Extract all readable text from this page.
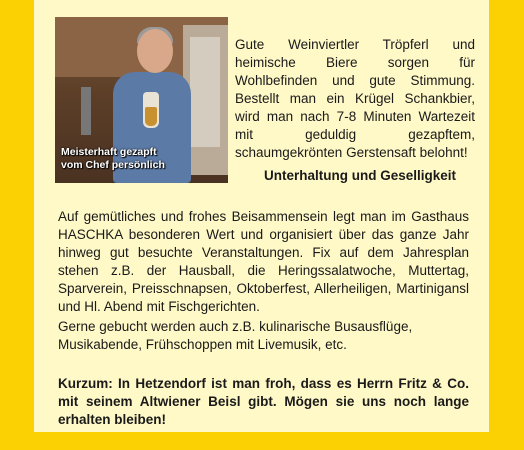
Meisterhaft gezapft
vom Chef persönlich
Gute Weinviertler Tröpferl und heimische Biere sorgen für Wohlbefinden und gute Stimmung. Bestellt man ein Krügel Schankbier, wird man nach 7-8 Minuten Wartezeit mit geduldig gezapftem, schaumgekrönten Gerstensaft belohnt!
Unterhaltung und Geselligkeit
Auf gemütliches und frohes Beisammensein legt man im Gasthaus HASCHKA besonderen Wert und organisiert über das ganze Jahr hinweg gut besuchte Veranstaltungen. Fix auf dem Jahresplan stehen z.B. der Hausball, die Heringssalatwoche, Muttertag, Sparverein, Preisschnapsen, Oktoberfest, Allerheiligen, Martinigansl und Hl. Abend mit Fischgerichten.
Gerne gebucht werden auch z.B. kulinarische Busausflüge, Musikabende, Frühschoppen mit Livemusik, etc.
Kurzum: In Hetzendorf ist man froh, dass es Herrn Fritz & Co. mit seinem Altwiener Beisl gibt. Mögen sie uns noch lange erhalten bleiben!
